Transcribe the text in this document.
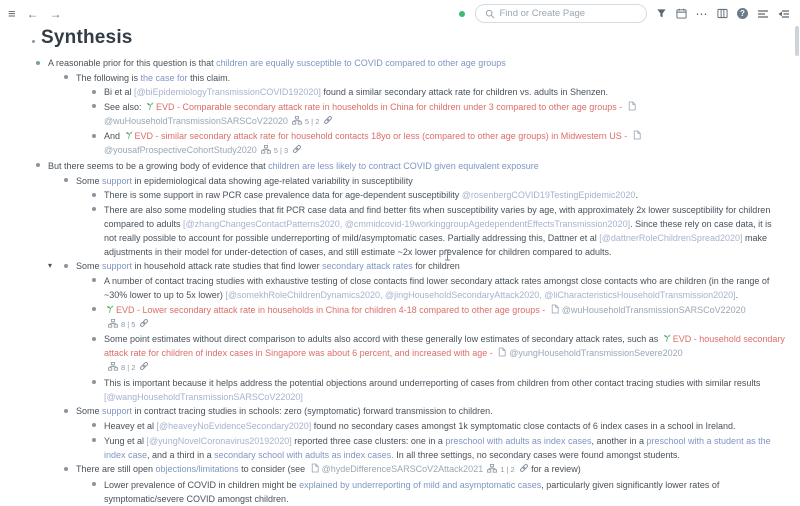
≡ ← →
Find or Create Page	⋯	?
Synthesis
A reasonable prior for this question is that children are equally susceptible to COVID compared to other age groups
The following is the case for this claim.
Bi et al [@biEpidemiologyTransmissionCOVID192020] found a similar secondary attack rate for children vs. adults in Shenzen.
See also: EVD - Comparable secondary attack rate in households in China for children under 3 compared to other age groups -
@wuHouseholdTransmissionSARSCoV22020 5 | 2
And EVD - similar secondary attack rate for household contacts 18yo or less (compared to other age groups) in Midwestern US -
@yousafProspectiveCohortStudy2020 5 | 3
But there seems to be a growing body of evidence that children are less likely to contract COVID given equivalent exposure
Some support in epidemiological data showing age-related variability in susceptibility
There is some support in raw PCR case prevalence data for age-dependent susceptibility @rosenbergCOVID19TestingEpidemic2020.
There are also some modeling studies that fit PCR case data and find better fits when susceptibility varies by age, with approximately 2x lower susceptibility for children compared to adults [@zhangChangesContactPatterns2020, @cmmidcovid-19workinggroupAgedependentEffectsTransmission2020]. Since these rely on case data, it is not really possible to account for possible underreporting of mild/asymptomatic cases. Partially addressing this, Dattner et al [@dattnerRoleChildrenSpread2020] make adjustments in their model for under-detection of cases, and still estimate ~2x lower prevalence for children compared to adults.
▾	Some support in household attack rate studies that find lower secondary attack rates for children
A number of contact tracing studies with exhaustive testing of close contacts find lower secondary attack rates amongst close contacts who are children (in the range of ~30% lower to up to 5x lower) [@somekhRoleChildrenDynamics2020, @jingHouseholdSecondaryAttack2020, @liCharacteristicsHouseholdTransmission2020].
EVD - Lower secondary attack rate in households in China for children 4-18 compared to other age groups - @wuHouseholdTransmissionSARSCoV22020
8 | 5
Some point estimates without direct comparison to adults also accord with these generally low estimates of secondary attack rates, such as EVD - household secondary attack rate for children of index cases in Singapore was about 6 percent, and increased with age - @yungHouseholdTransmissionSevere2020
8 | 2
This is important because it helps address the potential objections around underreporting of cases from children from other contact tracing studies with similar results [@wangHouseholdTransmissionSARSCoV22020]
Some support in contract tracing studies in schools: zero (symptomatic) forward transmission to children.
Heavey et al [@heaveyNoEvidenceSecondary2020] found no secondary cases amongst 1k symptomatic close contacts of 6 index cases in a school in Ireland.
Yung et al [@yungNovelCoronavirus20192020] reported three case clusters: one in a preschool with adults as index cases, another in a preschool with a student as the index case, and a third in a secondary school with adults as index cases. In all three settings, no secondary cases were found amongst students.
There are still open objections/limitations to consider (see @hydeDifferenceSARSCoV2Attack2021 1 | 2 for a review)
Lower prevalence of COVID in children might be explained by underreporting of mild and asymptomatic cases, particularly given significantly lower rates of symptomatic/severe COVID amongst children.
